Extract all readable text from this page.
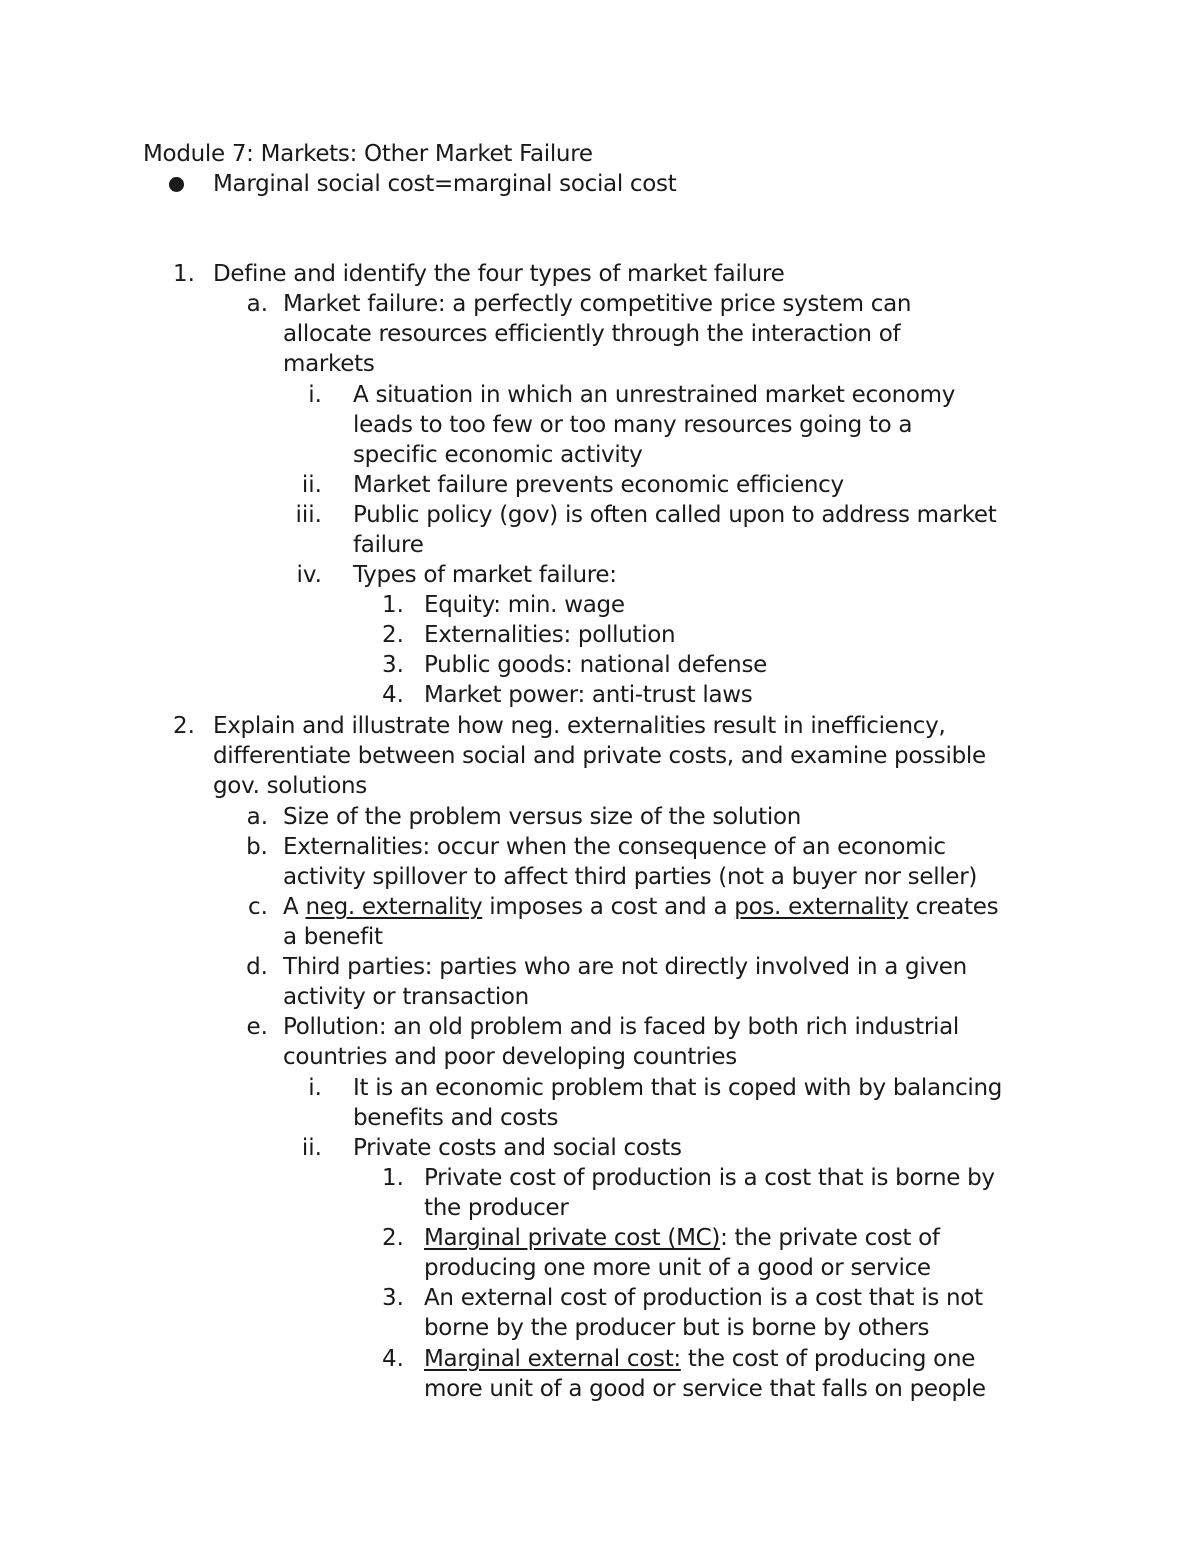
Module 7: Markets: Other Market Failure
Marginal social cost=marginal social cost
1. Define and identify the four types of market failure
a. Market failure: a perfectly competitive price system can
allocate resources efficiently through the interaction of
markets
i. A situation in which an unrestrained market economy
leads to too few or too many resources going to a
specific economic activity
ii. Market failure prevents economic efficiency
iii. Public policy (gov) is often called upon to address market
failure
iv. Types of market failure:
1. Equity: min. wage
2. Externalities: pollution
3. Public goods: national defense
4. Market power: anti-trust laws
2. Explain and illustrate how neg. externalities result in inefficiency,
differentiate between social and private costs, and examine possible
gov. solutions
a. Size of the problem versus size of the solution
b. Externalities: occur when the consequence of an economic
activity spillover to affect third parties (not a buyer nor seller)
c. A neg. externality imposes a cost and a pos. externality creates
a benefit
d. Third parties: parties who are not directly involved in a given
activity or transaction
e. Pollution: an old problem and is faced by both rich industrial
countries and poor developing countries
i. It is an economic problem that is coped with by balancing
benefits and costs
ii. Private costs and social costs
1. Private cost of production is a cost that is borne by
the producer
2. Marginal private cost (MC): the private cost of
producing one more unit of a good or service
3. An external cost of production is a cost that is not
borne by the producer but is borne by others
4. Marginal external cost: the cost of producing one
more unit of a good or service that falls on people
